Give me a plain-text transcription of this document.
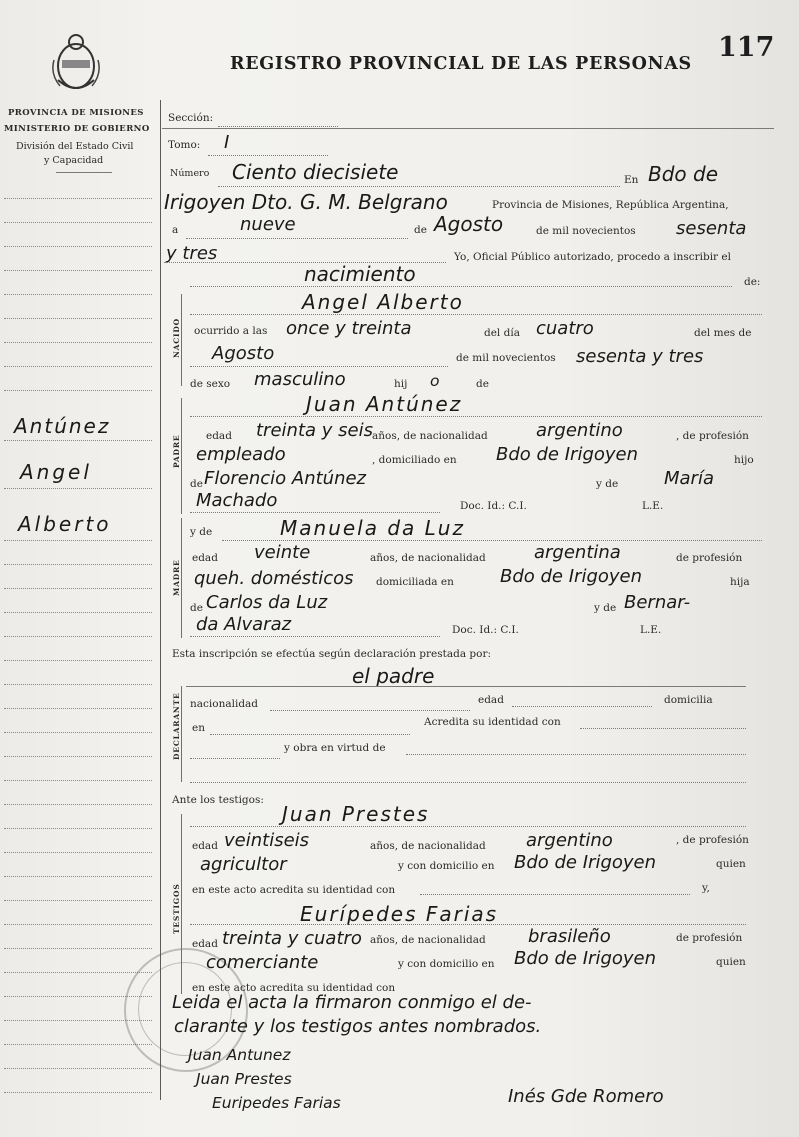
REGISTRO PROVINCIAL DE LAS PERSONAS
117
PROVINCIA DE MISIONES
MINISTERIO DE GOBIERNO
División del Estado Civil
y Capacidad
Antúnez
Angel
Alberto
Sección:
Tomo: I
Número Ciento diecisiete	En Bdo de
Irigoyen Dto. G. M. Belgrano	Provincia de Misiones, República Argentina,
a	nueve	de Agosto	de mil novecientos sesenta
y tres	Yo, Oficial Público autorizado, procedo a inscribir el
nacimiento	de:
NACIDO
Angel Alberto
ocurrido a las once y treinta	del día cuatro	del mes de
Agosto	de mil novecientos sesenta y tres
de sexo masculino	hij o	de
PADRE
Juan Antúnez
edad treinta y seis años, de nacionalidad	argentino	, de profesión
empleado	, domiciliado en Bdo de Irigoyen	hijo
de Florencio Antúnez	y de	María
Machado	Doc. Id.: C.I.	L.E.
MADRE
y de	Manuela da Luz
edad veinte	años, de nacionalidad	argentina	de profesión
queh. domésticos domiciliada en	Bdo de Irigoyen	hija
de Carlos da Luz	y de Bernar-
da Alvaraz	Doc. Id.: C.I.	L.E.
Esta inscripción se efectúa según declaración prestada por:
el padre
DECLARANTE nacionalidad	edad	domicilia
en	Acredita su identidad con
y obra en virtud de
Ante los testigos:
TESTIGOS
Juan Prestes
edad veintiseis	años, de nacionalidad argentino	, de profesión
agricultor	y con domicilio en Bdo de Irigoyen	quien
en este acto acredita su identidad con	y,
Eurípedes Farias
edad treinta y cuatro años, de nacionalidad brasileño	de profesión
comerciante	y con domicilio en Bdo de Irigoyen	quien
en este acto acredita su identidad con
Leida el acta la firmaron conmigo el de-
clarante y los testigos antes nombrados.
Juan Antunez
Juan Prestes
Euripedes Farias	Inés Gde Romero
